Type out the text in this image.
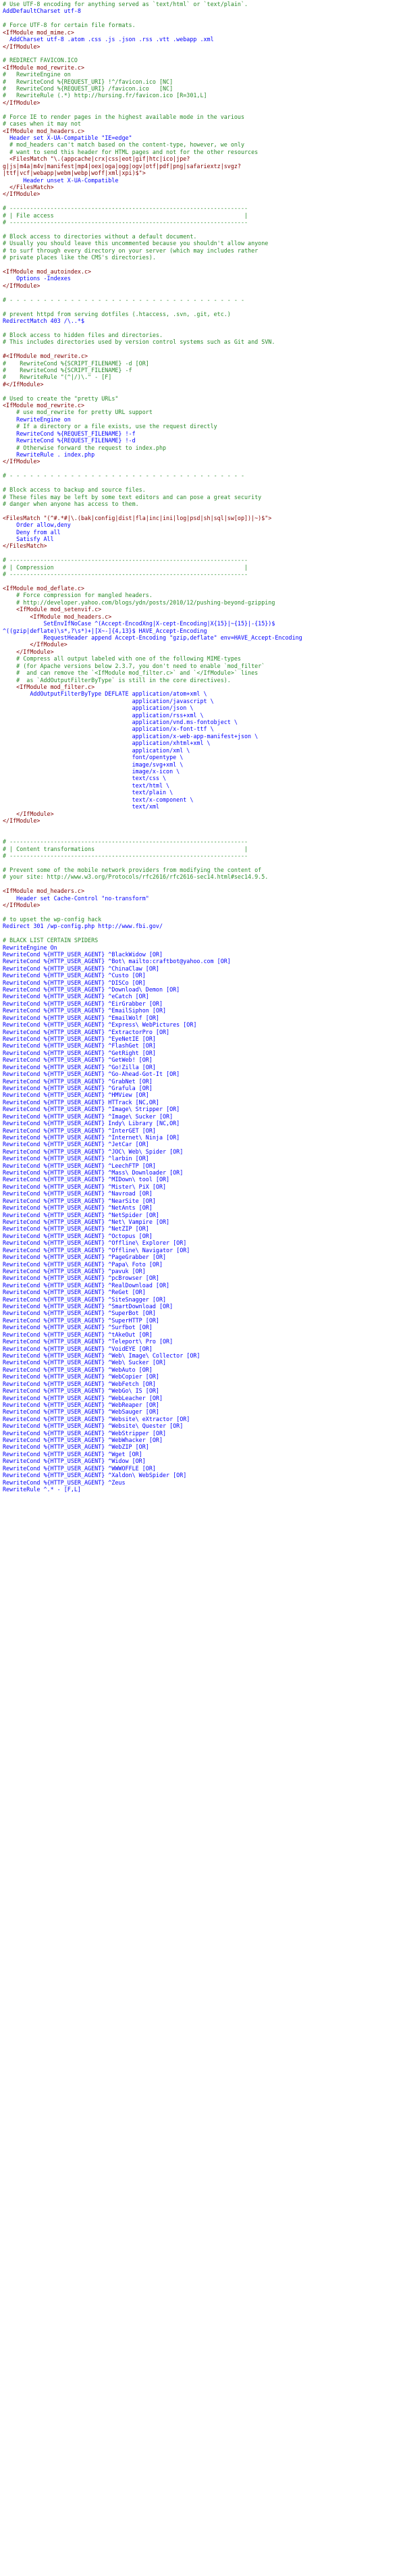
# Use UTF-8 encoding for anything served as `text/html` or `text/plain`.
AddDefaultCharset utf-8

# Force UTF-8 for certain file formats.
<IfModule mod_mime.c>
AddCharset utf-8 .atom .css .js .json .rss .vtt .webapp .xml
</IfModule>

# REDIRECT FAVICON.ICO
<IfModule mod_rewrite.c>
#   RewriteEngine on
#   RewriteCond %{REQUEST_URI} !^/favicon.ico [NC]
#   RewriteCond %{REQUEST_URI} /favicon.ico   [NC]
#   RewriteRule (.*) http://hursing.fr/favicon.ico [R=301,L]
</IfModule>

# Force IE to render pages in the highest available mode in the various
# cases when it may not
<IfModule mod_headers.c>
Header set X-UA-Compatible "IE=edge"
# mod_headers can't match based on the content-type, however, we only
# want to send this header for HTML pages and not for the other resources
<FilesMatch "\.(appcache|crx|css|eot|gif|htc|ico|jpe?
g|js|m4a|m4v|manifest|mp4|oex|oga|ogg|ogv|otf|pdf|png|safariextz|svgz?
|ttf|vcf|webapp|webm|webp|woff|xml|xpi)$">
Header unset X-UA-Compatible
</FilesMatch>
</IfModule>

# ----------------------------------------------------------------------
# | File access                                                        |
# ----------------------------------------------------------------------

# Block access to directories without a default document.
# Usually you should leave this uncommented because you shouldn't allow anyone
# to surf through every directory on your server (which may includes rather
# private places like the CMS's directories).

<IfModule mod_autoindex.c>
Options -Indexes
</IfModule>

# - - - - - - - - - - - - - - - - - - - - - - - - - - - - - - - - - - -

# prevent httpd from serving dotfiles (.htaccess, .svn, .git, etc.)
RedirectMatch 403 /\..*$

# Block access to hidden files and directories.
# This includes directories used by version control systems such as Git and SVN.

#<IfModule mod_rewrite.c>
#    RewriteCond %{SCRIPT_FILENAME} -d [OR]
#    RewriteCond %{SCRIPT_FILENAME} -f
#    RewriteRule "(^|/)\." - [F]
#</IfModule>

# Used to create the "pretty URLs"
<IfModule mod_rewrite.c>
# use mod_rewrite for pretty URL support
RewriteEngine on
# If a directory or a file exists, use the request directly
RewriteCond %{REQUEST_FILENAME} !-f
RewriteCond %{REQUEST_FILENAME} !-d
# Otherwise forward the request to index.php
RewriteRule . index.php
</IfModule>

# - - - - - - - - - - - - - - - - - - - - - - - - - - - - - - - - - - -

# Block access to backup and source files.
# These files may be left by some text editors and can pose a great security
# danger when anyone has access to them.

<FilesMatch "(^#.*#|\.(bak|config|dist|fla|inc|ini|log|psd|sh|sql|sw[op])|~)$">
Order allow,deny
Deny from all
Satisfy All
</FilesMatch>

# ----------------------------------------------------------------------
# | Compression                                                        |
# ----------------------------------------------------------------------

<IfModule mod_deflate.c>
# Force compression for mangled headers.
# http://developer.yahoo.com/blogs/ydn/posts/2010/12/pushing-beyond-gzipping
<IfModule mod_setenvif.c>
<IfModule mod_headers.c>
SetEnvIfNoCase ^(Accept-EncodXng|X-cept-Encoding|X{15}|~{15}|-{15})$
^((gzip|deflate)\s*,?\s*)+|[X~-]{4,13}$ HAVE_Accept-Encoding
RequestHeader append Accept-Encoding "gzip,deflate" env=HAVE_Accept-Encoding
</IfModule>
</IfModule>
# Compress all output labeled with one of the following MIME-types
# (for Apache versions below 2.3.7, you don't need to enable `mod_filter`
#  and can remove the `<IfModule mod_filter.c>` and `</IfModule>` lines
#  as `AddOutputFilterByType` is still in the core directives).
<IfModule mod_filter.c>
AddOutputFilterByType DEFLATE application/atom+xml \
application/javascript \
application/json \
application/rss+xml \
application/vnd.ms-fontobject \
application/x-font-ttf \
application/x-web-app-manifest+json \
application/xhtml+xml \
application/xml \
font/opentype \
image/svg+xml \
image/x-icon \
text/css \
text/html \
text/plain \
text/x-component \
text/xml
</IfModule>
</IfModule>

# ----------------------------------------------------------------------
# | Content transformations                                            |
# ----------------------------------------------------------------------

# Prevent some of the mobile network providers from modifying the content of
# your site: http://www.w3.org/Protocols/rfc2616/rfc2616-sec14.html#sec14.9.5.

<IfModule mod_headers.c>
Header set Cache-Control "no-transform"
</IfModule>

# to upset the wp-config hack
Redirect 301 /wp-config.php http://www.fbi.gov/

# BLACK LIST CERTAIN SPIDERS
RewriteEngine On
RewriteCond %{HTTP_USER_AGENT} ^BlackWidow [OR]
RewriteCond %{HTTP_USER_AGENT} ^Bot\ mailto:craftbot@yahoo.com [OR]
RewriteCond %{HTTP_USER_AGENT} ^ChinaClaw [OR]
RewriteCond %{HTTP_USER_AGENT} ^Custo [OR]
RewriteCond %{HTTP_USER_AGENT} ^DISCo [OR]
RewriteCond %{HTTP_USER_AGENT} ^Download\ Demon [OR]
RewriteCond %{HTTP_USER_AGENT} ^eCatch [OR]
RewriteCond %{HTTP_USER_AGENT} ^EirGrabber [OR]
RewriteCond %{HTTP_USER_AGENT} ^EmailSiphon [OR]
RewriteCond %{HTTP_USER_AGENT} ^EmailWolf [OR]
RewriteCond %{HTTP_USER_AGENT} ^Express\ WebPictures [OR]
RewriteCond %{HTTP_USER_AGENT} ^ExtractorPro [OR]
RewriteCond %{HTTP_USER_AGENT} ^EyeNetIE [OR]
RewriteCond %{HTTP_USER_AGENT} ^FlashGet [OR]
RewriteCond %{HTTP_USER_AGENT} ^GetRight [OR]
RewriteCond %{HTTP_USER_AGENT} ^GetWeb! [OR]
RewriteCond %{HTTP_USER_AGENT} ^Go!Zilla [OR]
RewriteCond %{HTTP_USER_AGENT} ^Go-Ahead-Got-It [OR]
RewriteCond %{HTTP_USER_AGENT} ^GrabNet [OR]
RewriteCond %{HTTP_USER_AGENT} ^Grafula [OR]
RewriteCond %{HTTP_USER_AGENT} ^HMView [OR]
RewriteCond %{HTTP_USER_AGENT} HTTrack [NC,OR]
RewriteCond %{HTTP_USER_AGENT} ^Image\ Stripper [OR]
RewriteCond %{HTTP_USER_AGENT} ^Image\ Sucker [OR]
RewriteCond %{HTTP_USER_AGENT} Indy\ Library [NC,OR]
RewriteCond %{HTTP_USER_AGENT} ^InterGET [OR]
RewriteCond %{HTTP_USER_AGENT} ^Internet\ Ninja [OR]
RewriteCond %{HTTP_USER_AGENT} ^JetCar [OR]
RewriteCond %{HTTP_USER_AGENT} ^JOC\ Web\ Spider [OR]
RewriteCond %{HTTP_USER_AGENT} ^larbin [OR]
RewriteCond %{HTTP_USER_AGENT} ^LeechFTP [OR]
RewriteCond %{HTTP_USER_AGENT} ^Mass\ Downloader [OR]
RewriteCond %{HTTP_USER_AGENT} ^MIDown\ tool [OR]
RewriteCond %{HTTP_USER_AGENT} ^Mister\ PiX [OR]
RewriteCond %{HTTP_USER_AGENT} ^Navroad [OR]
RewriteCond %{HTTP_USER_AGENT} ^NearSite [OR]
RewriteCond %{HTTP_USER_AGENT} ^NetAnts [OR]
RewriteCond %{HTTP_USER_AGENT} ^NetSpider [OR]
RewriteCond %{HTTP_USER_AGENT} ^Net\ Vampire [OR]
RewriteCond %{HTTP_USER_AGENT} ^NetZIP [OR]
RewriteCond %{HTTP_USER_AGENT} ^Octopus [OR]
RewriteCond %{HTTP_USER_AGENT} ^Offline\ Explorer [OR]
RewriteCond %{HTTP_USER_AGENT} ^Offline\ Navigator [OR]
RewriteCond %{HTTP_USER_AGENT} ^PageGrabber [OR]
RewriteCond %{HTTP_USER_AGENT} ^Papa\ Foto [OR]
RewriteCond %{HTTP_USER_AGENT} ^pavuk [OR]
RewriteCond %{HTTP_USER_AGENT} ^pcBrowser [OR]
RewriteCond %{HTTP_USER_AGENT} ^RealDownload [OR]
RewriteCond %{HTTP_USER_AGENT} ^ReGet [OR]
RewriteCond %{HTTP_USER_AGENT} ^SiteSnagger [OR]
RewriteCond %{HTTP_USER_AGENT} ^SmartDownload [OR]
RewriteCond %{HTTP_USER_AGENT} ^SuperBot [OR]
RewriteCond %{HTTP_USER_AGENT} ^SuperHTTP [OR]
RewriteCond %{HTTP_USER_AGENT} ^Surfbot [OR]
RewriteCond %{HTTP_USER_AGENT} ^tAkeOut [OR]
RewriteCond %{HTTP_USER_AGENT} ^Teleport\ Pro [OR]
RewriteCond %{HTTP_USER_AGENT} ^VoidEYE [OR]
RewriteCond %{HTTP_USER_AGENT} ^Web\ Image\ Collector [OR]
RewriteCond %{HTTP_USER_AGENT} ^Web\ Sucker [OR]
RewriteCond %{HTTP_USER_AGENT} ^WebAuto [OR]
RewriteCond %{HTTP_USER_AGENT} ^WebCopier [OR]
RewriteCond %{HTTP_USER_AGENT} ^WebFetch [OR]
RewriteCond %{HTTP_USER_AGENT} ^WebGo\ IS [OR]
RewriteCond %{HTTP_USER_AGENT} ^WebLeacher [OR]
RewriteCond %{HTTP_USER_AGENT} ^WebReaper [OR]
RewriteCond %{HTTP_USER_AGENT} ^WebSauger [OR]
RewriteCond %{HTTP_USER_AGENT} ^Website\ eXtractor [OR]
RewriteCond %{HTTP_USER_AGENT} ^Website\ Quester [OR]
RewriteCond %{HTTP_USER_AGENT} ^WebStripper [OR]
RewriteCond %{HTTP_USER_AGENT} ^WebWhacker [OR]
RewriteCond %{HTTP_USER_AGENT} ^WebZIP [OR]
RewriteCond %{HTTP_USER_AGENT} ^Wget [OR]
RewriteCond %{HTTP_USER_AGENT} ^Widow [OR]
RewriteCond %{HTTP_USER_AGENT} ^WWWOFFLE [OR]
RewriteCond %{HTTP_USER_AGENT} ^Xaldon\ WebSpider [OR]
RewriteCond %{HTTP_USER_AGENT} ^Zeus
RewriteRule ^.* - [F,L]
